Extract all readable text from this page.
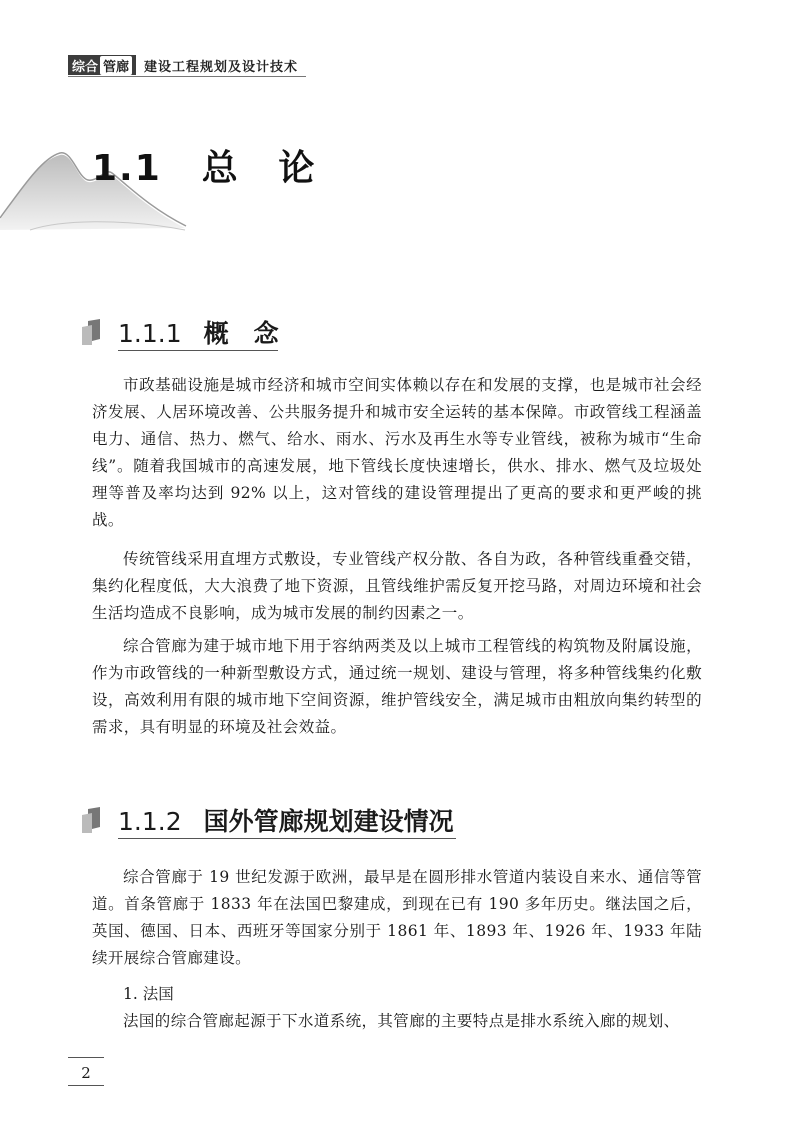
综合 管廊 建设工程规划及设计技术
1.1 总 论
1.1.1 概　念
市政基础设施是城市经济和城市空间实体赖以存在和发展的支撑，也是城市社会经济发展、人居环境改善、公共服务提升和城市安全运转的基本保障。市政管线工程涵盖电力、通信、热力、燃气、给水、雨水、污水及再生水等专业管线，被称为城市“生命线”。随着我国城市的高速发展，地下管线长度快速增长，供水、排水、燃气及垃圾处理等普及率均达到 92% 以上，这对管线的建设管理提出了更高的要求和更严峻的挑战。
传统管线采用直埋方式敷设，专业管线产权分散、各自为政，各种管线重叠交错，集约化程度低，大大浪费了地下资源，且管线维护需反复开挖马路，对周边环境和社会生活均造成不良影响，成为城市发展的制约因素之一。
综合管廊为建于城市地下用于容纳两类及以上城市工程管线的构筑物及附属设施，作为市政管线的一种新型敷设方式，通过统一规划、建设与管理，将多种管线集约化敷设，高效利用有限的城市地下空间资源，维护管线安全，满足城市由粗放向集约转型的需求，具有明显的环境及社会效益。
1.1.2 国外管廊规划建设情况
综合管廊于 19 世纪发源于欧洲，最早是在圆形排水管道内装设自来水、通信等管道。首条管廊于 1833 年在法国巴黎建成，到现在已有 190 多年历史。继法国之后，英国、德国、日本、西班牙等国家分别于 1861 年、1893 年、1926 年、1933 年陆续开展综合管廊建设。
1. 法国
法国的综合管廊起源于下水道系统，其管廊的主要特点是排水系统入廊的规划、
2
